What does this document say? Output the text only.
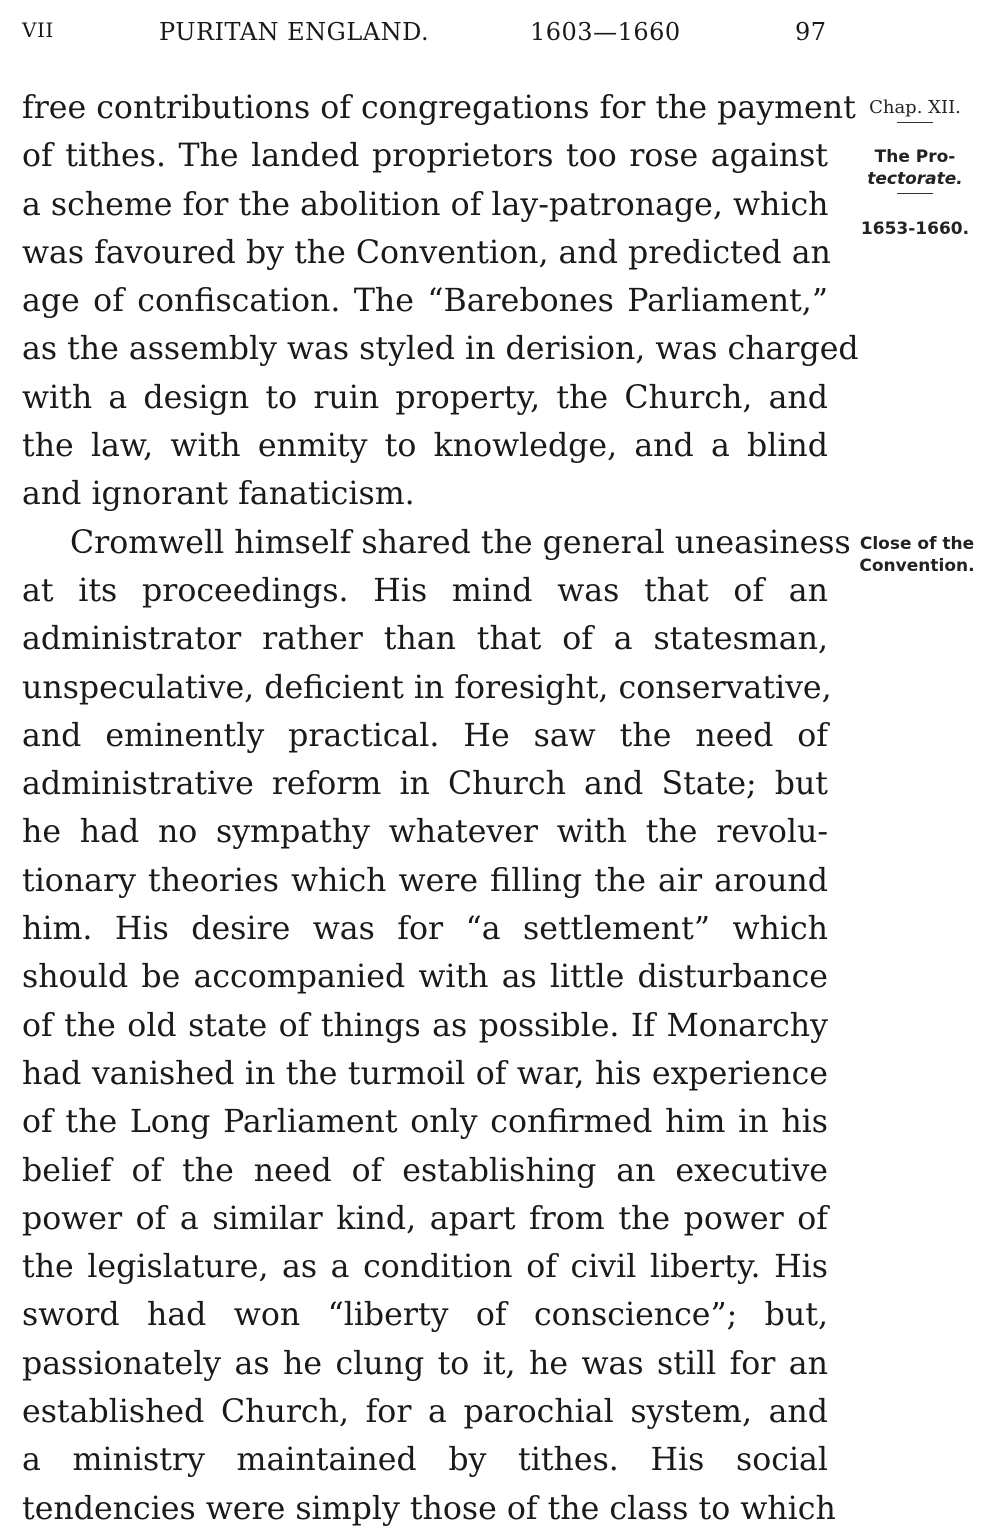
VII	PURITAN ENGLAND.	1603—1660	97
Chap. XII.
The Pro-
tectorate.
1653-1660.
Close of the
Convention.

free contributions of congregations for the payment
of tithes. The landed proprietors too rose against
a scheme for the abolition of lay-patronage, which
was favoured by the Convention, and predicted an
age of confiscation. The “Barebones Parliament,”
as the assembly was styled in derision, was charged
with a design to ruin property, the Church, and
the law, with enmity to knowledge, and a blind
and ignorant fanaticism.

Cromwell himself shared the general uneasiness
at its proceedings. His mind was that of an
administrator rather than that of a statesman,
unspeculative, deficient in foresight, conservative,
and eminently practical. He saw the need of
administrative reform in Church and State; but
he had no sympathy whatever with the revolu-
tionary theories which were filling the air around
him. His desire was for “a settlement” which
should be accompanied with as little disturbance
of the old state of things as possible. If Monarchy
had vanished in the turmoil of war, his experience
of the Long Parliament only confirmed him in his
belief of the need of establishing an executive
power of a similar kind, apart from the power of
the legislature, as a condition of civil liberty. His
sword had won “liberty of conscience”; but,
passionately as he clung to it, he was still for an
established Church, for a parochial system, and
a ministry maintained by tithes. His social
tendencies were simply those of the class to which
